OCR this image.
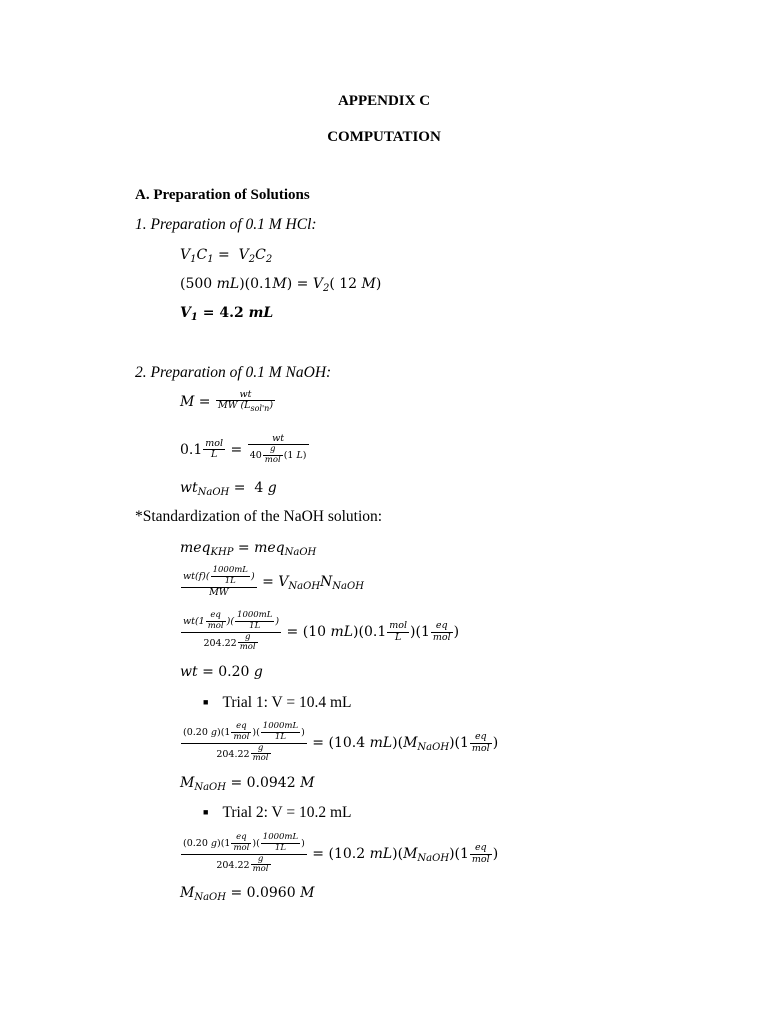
APPENDIX C
COMPUTATION
A. Preparation of Solutions
1. Preparation of 0.1 M HCl:
$V_1C_1 = V_2C_2$
(500 $mL)(0.1M) = V_2$( 12 M)
$V_1 = 4.2$ mL
2. Preparation of 0.1 M NaOH:
$M = \frac{wt}{MW (L_{sol'n})}$
$0.1 \frac{\text{mol}}{L} = \frac{wt}{40 \frac{g}{\text{mol}} (1 L)}$
$wt_{NaOH} = 4$ g
*Standardization of the NaOH solution:
meq$_{KHP}$ = meq$_{NaOH}$
$\frac{wt(f)( \frac{1000mL}{1L} )}{MW} = V_{NaOH}N_{NaOH}$
$\frac{wt(1 \frac{eq}{\text{mol}} )( \frac{1000mL}{1L} )}{204.22 \frac{g}{\text{mol}}} = (10$ $mL)(0.1 \frac{\text{mol}}{L} )(1 \frac{eq}{\text{mol}}$ )
wt = 0.20 g
■ Trial 1: V = 10.4 mL
$\frac{(0.20 g)(1 \frac{eq}{\text{mol}} )( \frac{1000mL}{1L} )}{204.22 \frac{g}{\text{mol}}} = (10.4$ $mL)(M_{NaOH})(1 \frac{eq}{\text{mol}}$ )
$M_{NaOH} = 0.0942$ M
■ Trial 2: V = 10.2 mL
$\frac{(0.20 g)(1 \frac{eq}{\text{mol}} )( \frac{1000mL}{1L} )}{204.22 \frac{g}{\text{mol}}} = (10.2$ $mL)(M_{NaOH})(1 \frac{eq}{\text{mol}}$ )
$M_{NaOH} = 0.0960$ M
